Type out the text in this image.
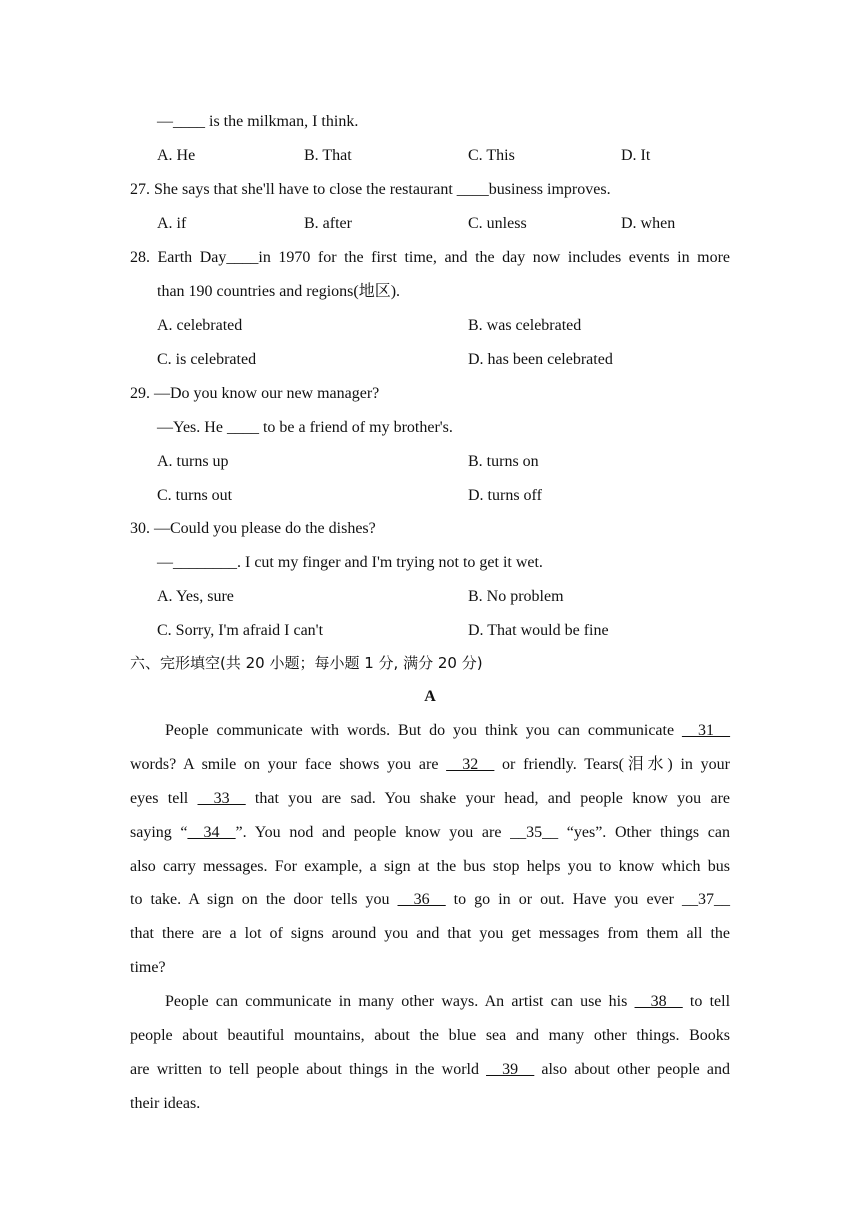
—____ is the milkman, I think.
A. He	B. That	C. This	D. It
27. She says that she'll have to close the restaurant ____business improves.
A. if	B. after	C. unless	D. when
28. Earth Day____in 1970 for the first time, and the day now includes events in more
than 190 countries and regions(地区).
A. celebrated	B. was celebrated
C. is celebrated	D. has been celebrated
29. —Do you know our new manager?
—Yes. He ____ to be a friend of my brother's.
A. turns up	B. turns on
C. turns out	D. turns off
30. —Could you please do the dishes?
—________. I cut my finger and I'm trying not to get it wet.
A. Yes, sure	B. No problem
C. Sorry, I'm afraid I can't	D. That would be fine
六、完形填空(共 20 小题；每小题 1 分, 满分 20 分)
A
People communicate with words. But do you think you can communicate __31__
words? A smile on your face shows you are __32__ or friendly. Tears(泪水) in your
eyes tell __33__ that you are sad. You shake your head, and people know you are
saying “__34__”. You nod and people know you are __35__ “yes”. Other things can
also carry messages. For example, a sign at the bus stop helps you to know which bus
to take. A sign on the door tells you __36__ to go in or out. Have you ever __37__
that there are a lot of signs around you and that you get messages from them all the
time?
People can communicate in many other ways. An artist can use his __38__ to tell
people about beautiful mountains, about the blue sea and many other things. Books
are written to tell people about things in the world __39__ also about other people and
their ideas.
